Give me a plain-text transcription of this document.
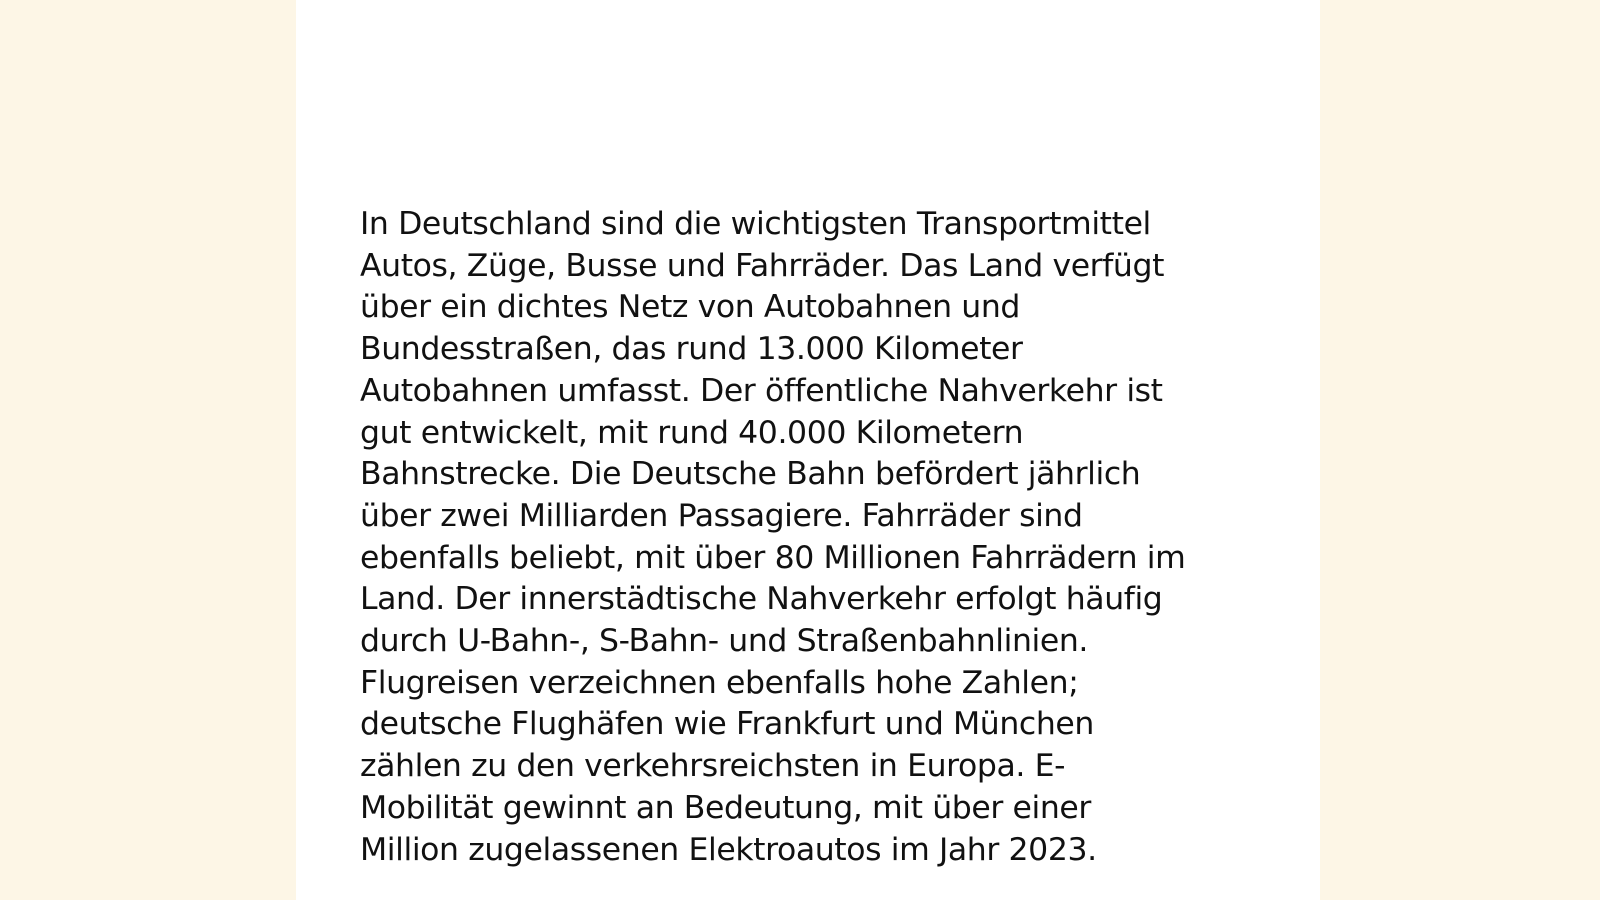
In Deutschland sind die wichtigsten Transportmittel
Autos, Züge, Busse und Fahrräder. Das Land verfügt
über ein dichtes Netz von Autobahnen und
Bundesstraßen, das rund 13.000 Kilometer
Autobahnen umfasst. Der öffentliche Nahverkehr ist
gut entwickelt, mit rund 40.000 Kilometern
Bahnstrecke. Die Deutsche Bahn befördert jährlich
über zwei Milliarden Passagiere. Fahrräder sind
ebenfalls beliebt, mit über 80 Millionen Fahrrädern im
Land. Der innerstädtische Nahverkehr erfolgt häufig
durch U-Bahn-, S-Bahn- und Straßenbahnlinien.
Flugreisen verzeichnen ebenfalls hohe Zahlen;
deutsche Flughäfen wie Frankfurt und München
zählen zu den verkehrsreichsten in Europa. E-
Mobilität gewinnt an Bedeutung, mit über einer
Million zugelassenen Elektroautos im Jahr 2023.
